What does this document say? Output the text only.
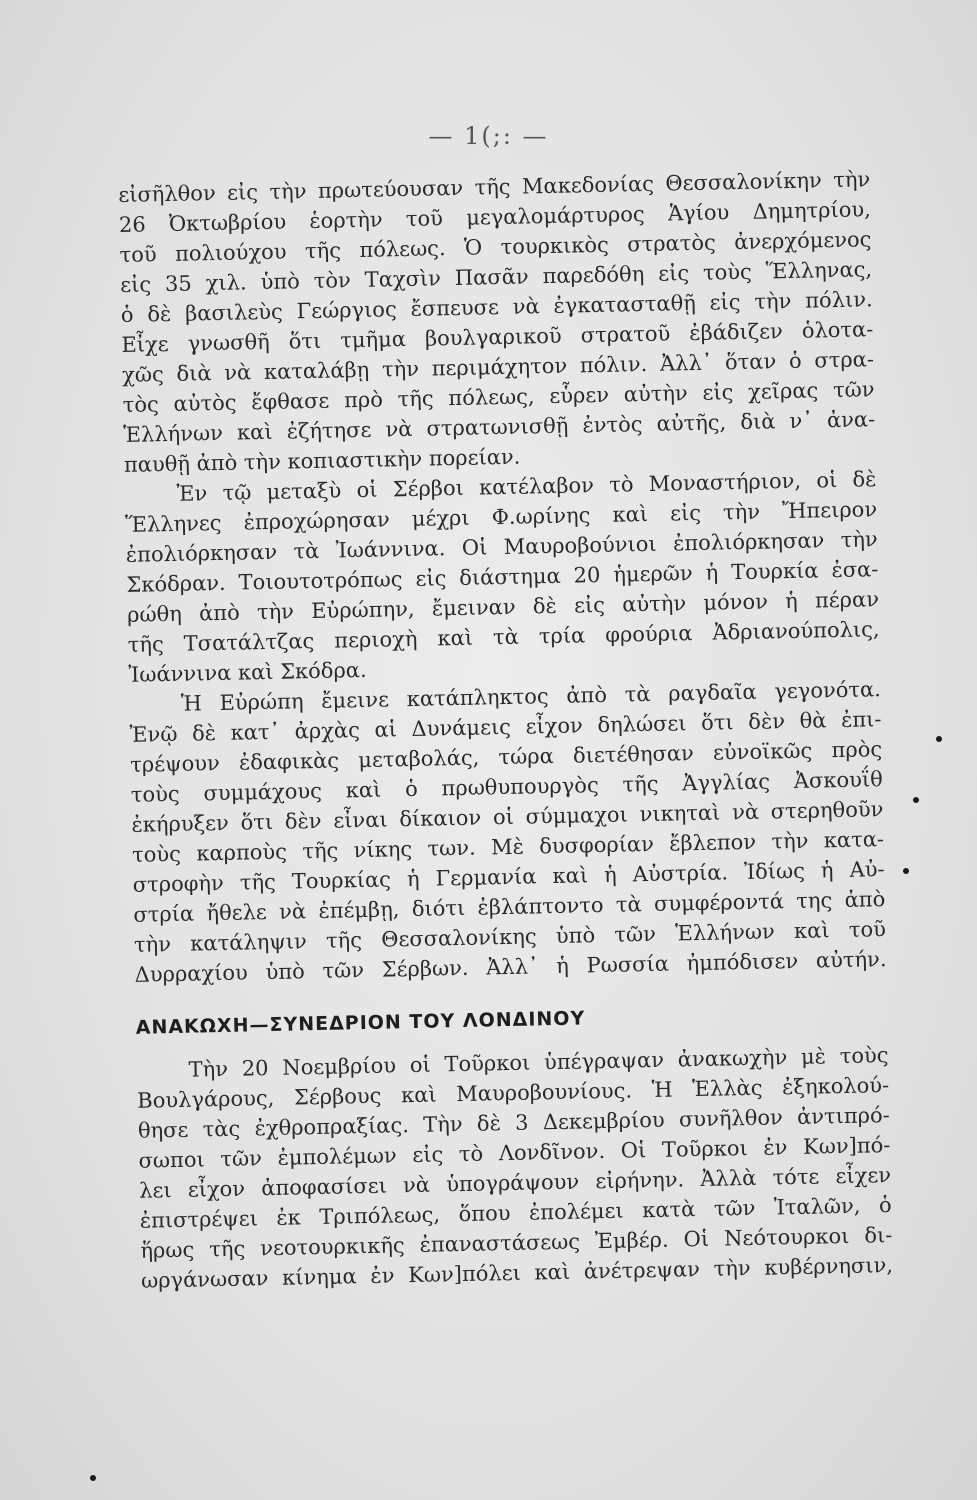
— 1(;: —
εἰσῆλθον εἰς τὴν πρωτεύουσαν τῆς Μακεδονίας Θεσσαλονίκην τὴν
26 Ὀκτωβρίου ἑορτὴν τοῦ μεγαλομάρτυρος Ἁγίου Δημητρίου,
τοῦ πολιούχου τῆς πόλεως. Ὁ τουρκικὸς στρατὸς ἀνερχόμενος
εἰς 35 χιλ. ὑπὸ τὸν Ταχσὶν Πασᾶν παρεδόθη εἰς τοὺς Ἕλληνας,
ὁ δὲ βασιλεὺς Γεώργιος ἔσπευσε νὰ ἐγκατασταθῇ εἰς τὴν πόλιν.
Εἶχε γνωσθῆ ὅτι τμῆμα βουλγαρικοῦ στρατοῦ ἐβάδιζεν ὁλοτα-
χῶς διὰ νὰ καταλάβῃ τὴν περιμάχητον πόλιν. Ἀλλ᾿ ὅταν ὁ στρα-
τὸς αὐτὸς ἔφθασε πρὸ τῆς πόλεως, εὗρεν αὐτὴν εἰς χεῖρας τῶν
Ἑλλήνων καὶ ἐζήτησε νὰ στρατωνισθῇ ἐντὸς αὐτῆς, διὰ ν᾿ ἀνα-
παυθῇ ἀπὸ τὴν κοπιαστικὴν πορείαν.
Ἐν τῷ μεταξὺ οἱ Σέρβοι κατέλαβον τὸ Μοναστήριον, οἱ δὲ
Ἕλληνες ἐπροχώρησαν μέχρι Φ.ωρίνης καὶ εἰς τὴν Ἤπειρον
ἐπολιόρκησαν τὰ Ἰωάννινα. Οἱ Μαυροβούνιοι ἐπολιόρκησαν τὴν
Σκόδραν. Τοιουτοτρόπως εἰς διάστημα 20 ἡμερῶν ἡ Τουρκία ἐσα-
ρώθη ἀπὸ τὴν Εὐρώπην, ἔμειναν δὲ εἰς αὐτὴν μόνον ἡ πέραν
τῆς Τσατάλτζας περιοχὴ καὶ τὰ τρία φρούρια Ἀδριανούπολις,
Ἰωάννινα καὶ Σκόδρα.
Ἡ Εὐρώπη ἔμεινε κατάπληκτος ἀπὸ τὰ ραγδαῖα γεγονότα.
Ἐνῷ δὲ κατ᾿ ἀρχὰς αἱ Δυνάμεις εἶχον δηλώσει ὅτι δὲν θὰ ἐπι-
τρέψουν ἐδαφικὰς μεταβολάς, τώρα διετέθησαν εὐνοϊκῶς πρὸς
τοὺς συμμάχους καὶ ὁ πρωθυπουργὸς τῆς Ἀγγλίας Ἀσκουΐθ
ἐκήρυξεν ὅτι δὲν εἶναι δίκαιον οἱ σύμμαχοι νικηταὶ νὰ στερηθοῦν
τοὺς καρποὺς τῆς νίκης των. Μὲ δυσφορίαν ἔβλεπον τὴν κατα-
στροφὴν τῆς Τουρκίας ἡ Γερμανία καὶ ἡ Αὐστρία. Ἰδίως ἡ Αὐ-
στρία ἤθελε νὰ ἐπέμβῃ, διότι ἐβλάπτοντο τὰ συμφέροντά της ἀπὸ
τὴν κατάληψιν τῆς Θεσσαλονίκης ὑπὸ τῶν Ἑλλήνων καὶ τοῦ
Δυρραχίου ὑπὸ τῶν Σέρβων. Ἀλλ᾿ ἡ Ρωσσία ἠμπόδισεν αὐτήν.
ΑΝΑΚΩΧΗ—ΣΥΝΕΔΡΙΟΝ ΤΟΥ ΛΟΝΔΙΝΟΥ
Τὴν 20 Νοεμβρίου οἱ Τοῦρκοι ὑπέγραψαν ἀνακωχὴν μὲ τοὺς
Βουλγάρους, Σέρβους καὶ Μαυροβουνίους. Ἡ Ἑλλὰς ἐξηκολού-
θησε τὰς ἐχθροπραξίας. Τὴν δὲ 3 Δεκεμβρίου συνῆλθον ἀντιπρό-
σωποι τῶν ἐμπολέμων εἰς τὸ Λονδῖνον. Οἱ Τοῦρκοι ἐν Κων]πό-
λει εἶχον ἀποφασίσει νὰ ὑπογράψουν εἰρήνην. Ἀλλὰ τότε εἶχεν
ἐπιστρέψει ἐκ Τριπόλεως, ὅπου ἐπολέμει κατὰ τῶν Ἰταλῶν, ὁ
ἥρως τῆς νεοτουρκικῆς ἐπαναστάσεως Ἐμβέρ. Οἱ Νεότουρκοι δι-
ωργάνωσαν κίνημα ἐν Κων]πόλει καὶ ἀνέτρεψαν τὴν κυβέρνησιν,
